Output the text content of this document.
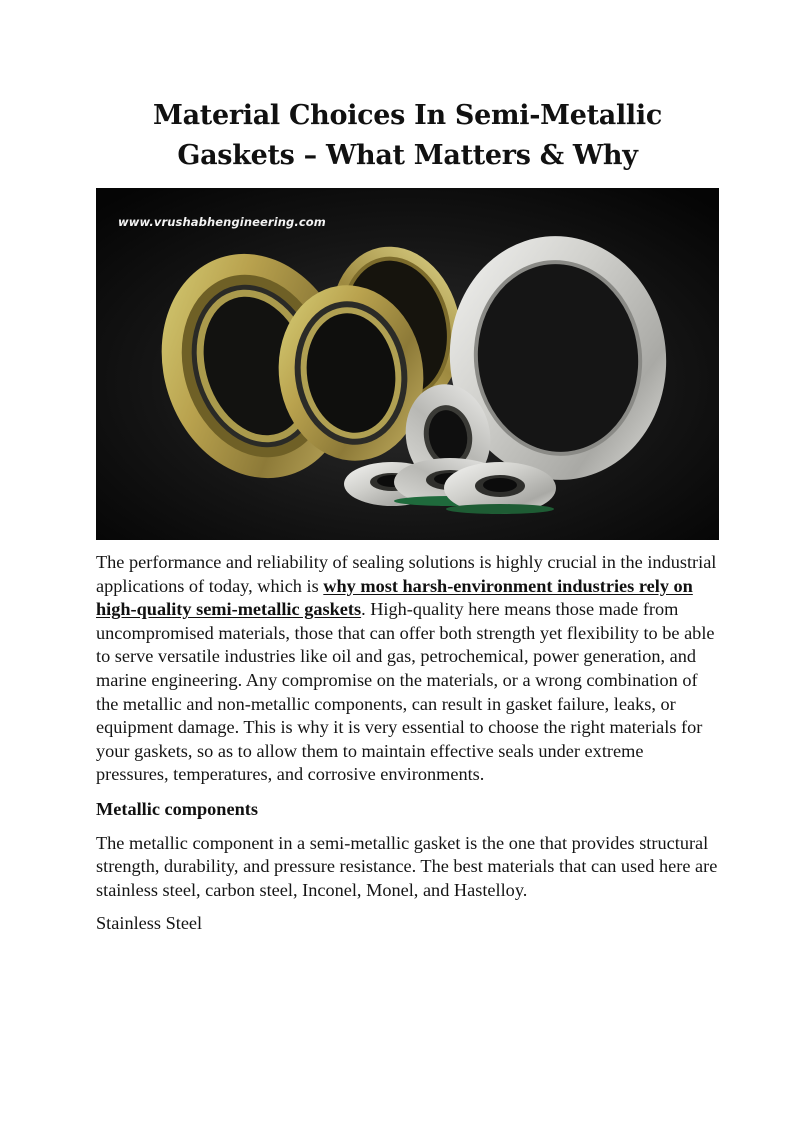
Material Choices In Semi-Metallic
Gaskets – What Matters & Why
www.vrushabhengineering.com

The performance and reliability of sealing solutions is highly crucial in the industrial applications of today, which is why most harsh-environment industries rely on high-quality semi-metallic gaskets. High-quality here means those made from uncompromised materials, those that can offer both strength yet flexibility to be able to serve versatile industries like oil and gas, petrochemical, power generation, and marine engineering. Any compromise on the materials, or a wrong combination of the metallic and non-metallic components, can result in gasket failure, leaks, or equipment damage. This is why it is very essential to choose the right materials for your gaskets, so as to allow them to maintain effective seals under extreme pressures, temperatures, and corrosive environments.

Metallic components

The metallic component in a semi-metallic gasket is the one that provides structural strength, durability, and pressure resistance. The best materials that can used here are stainless steel, carbon steel, Inconel, Monel, and Hastelloy.

Stainless Steel
